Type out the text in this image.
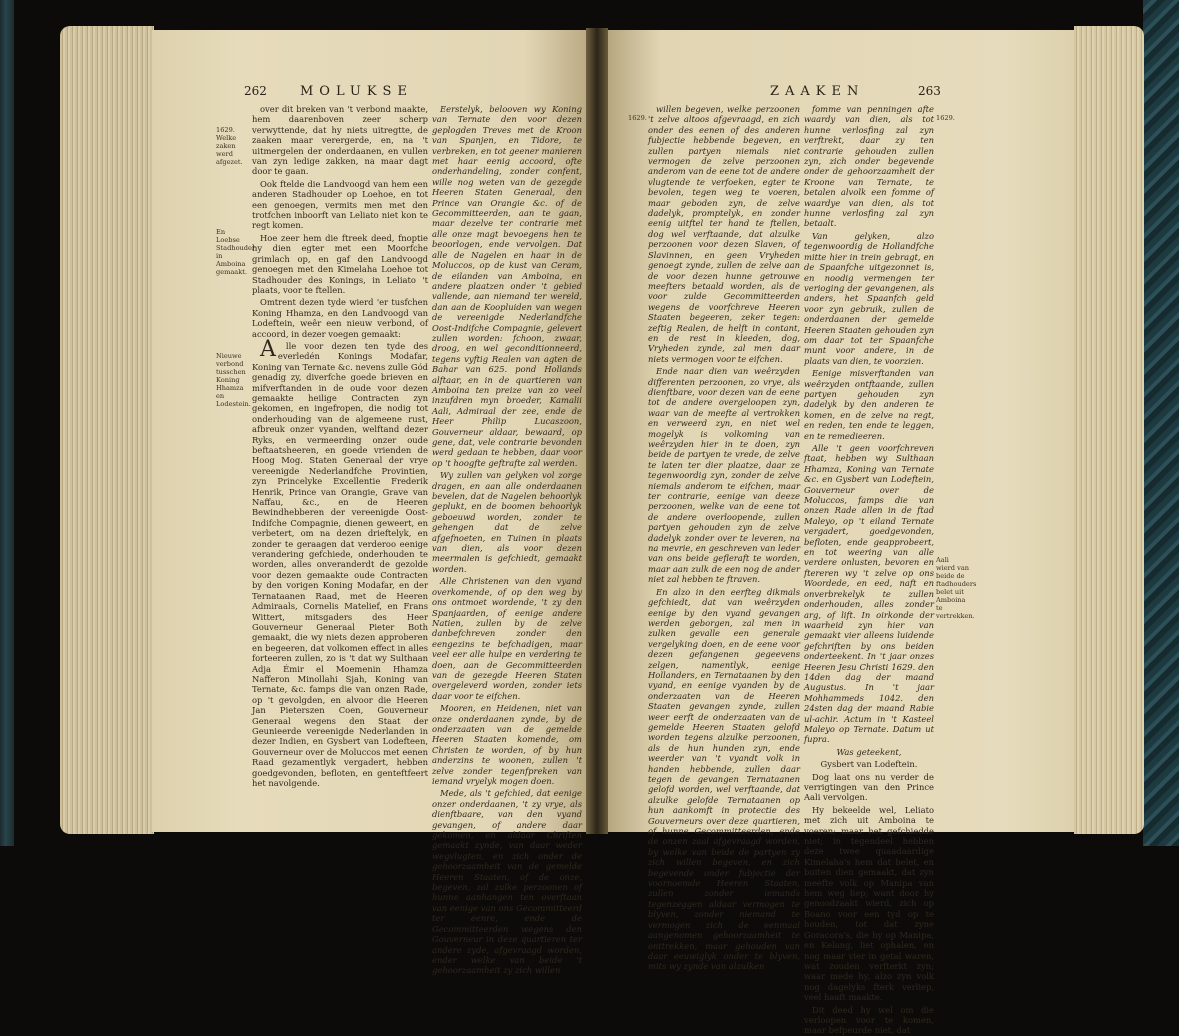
262	MOLUKSE	ZAAKEN	263
1629. Welke zaken werd afgezet.
En Loebse Stadhouder in Amboina gemaakt.
Nieuwe verbond tusschen Koning Hhamza en Lodestein.

over dit breken van 't verbond maakte, hem daarenboven zeer scherp verwyttende, dat hy niets uitregtte, de zaaken maar verergerde, en, na 't uitmergelen der onderdaanen, en vullen van zyn ledige zakken, na maar dagt door te gaan.

Ook ftelde die Landvoogd van hem een anderen Stadhouder op Loehoe, en tot een genoegen, vermits men met den trotfchen inboorft van Leliato niet kon te regt komen.

Hoe zeer hem die ftreek deed, fnoptie hy dien egter met een Moorfche grimlach op, en gaf den Landvoogd genoegen met den Kimelaha Loehoe tot Stadhouder des Konings, in Leliato 't plaats, voor te ftellen.

Omtrent dezen tyde wierd 'er tusfchen Koning Hhamza, en den Landvoogd van Lodeftein, weêr een nieuw verbond, of accoord, in dezer voegen gemaakt:

Alle voor dezen ten tyde des everledén Konings Modafar, Koning van Ternate &c. nevens zulle Gód genadig zy, diverfche goede brieven en mifverftanden in de oude voor dezen gemaakte heilige Contracten zyn gekomen, en ingefropen, die nodig tot onderhouding van de algemeene rust, afbreuk onzer vyanden, welftand dezer Ryks, en vermeerding onzer oude beftaatsheeren, en goede vrienden de Hoog Mog. Staten Generaal der vrye vereenigde Nederlandfche Provintien, zyn Princelyke Excellentie Frederik Henrik, Prince van Orangie, Grave van Naffau, &c., en de Heeren Bewindhebberen der vereenigde Oost-Indifche Compagnie, dienen geweert, en verbetert, om na dezen drieftelyk, en zonder te geraagen dat verderoo eenige verandering gefchiede, onderhouden te worden, alles onveranderdt de gezolde voor dezen gemaakte oude Contracten by den vorigen Koning Modafar, en der Ternataanen Raad, met de Heeren Admiraals, Cornelis Matelief, en Frans Wittert, mitsgaders des Heer Gouverneur Generaal Pieter Both gemaakt, die wy niets dezen approberen en begeeren, dat volkomen effect in alles forteeren zullen, zo is 't dat wy Sulthaan Adja Émir el Moemenin Hhamza Nafferon Minollahi Sjah, Koning van Ternate, &c. famps die van onzen Rade, op 't gevolgden, en alvoor die Heeren Jan Pieterszen Coen, Gouverneur Generaal wegens den Staat der Geunieerde vereenigde Nederlanden in dezer Indien, en Gysbert van Lodefteen, Gouverneur over de Moluccos met eenen Raad gezamentlyk vergadert, hebben goedgevonden, befloten, en genteftfeert het navolgende.

Eerstelyk, belooven wy Koning van Ternate den voor dezen geplogden Treves met de Kroon van Spanjen, en Tidore, te verbreken, en tot geener manieren met haar eenig accoord, ofte onderhandeling, zonder confent, wille nog weten van de gezegde Heeren Staten Generaal, den Prince van Orangie &c. of de Gecommitteerden, aan te gaan, maar dezelve ter contrarie met alle onze magt bevoegens hen te beoorlogen, ende vervolgen. Dat alle de Nagelen en haar in de Moluccos, op de kust van Ceram, de eilanden van Amboina, en andere plaatzen onder 't gebied vallende, aan niemand ter wereld, dan aan de Koopluiden van wegen de vereenigde Nederlandfche Oost-Indifche Compagnie, gelevert zullen worden: fchoon, zwaar, droog, en wel geconditionneerd, tegens vyftig Realen van agten de Bahar van 625. pond Hollands alftaar, en in de quartieren van Amboina ten preize van zo veel inzufdren myn broeder, Kamalii Aali, Admiraal der zee, ende de Heer Philip Lucaszoon, Gouverneur aldaar, bewaard, op gene, dat, vele contrarie bevonden werd gedaan te hebben, daar voor op 't hoogfte geftrafte zal werden.

Wy zullen van gelyken vol zorge dragen, en aan alle onderdaanen bevelen, dat de Nagelen behoorlyk geplukt, en de boomen behoorlyk geboeuwd worden, zonder te gehengen dat de zelve afgefnoeten, en Tuinen in plaats van dien, als voor dezen meermalen is gefchiedt, gemaakt worden.

Alle Christenen van den vyand overkomende, of op den weg by ons ontmoet wordende, 't zy den Spanjaarden, of eenige andere Natien, zullen by de zelve danbefchreven zonder den eengezins te befchadigen, maar veel eer alle hulpe en verdering te doen, aan de Gecommitteerden van de gezegde Heeren Staten overgeleverd worden, zonder iets daar voor te eifchen.

Mooren, en Heidenen, niet van onze onderdaanen zynde, by de onderzaaten van de gemelde Heeren Staaten komende, om Christen te worden, of by hun anderzins te woonen, zullen 't zelve zonder tegenfpreken van iemand vryelyk mogen doen.

Mede, als 't gefchied, dat eenige onzer onderdaanen, 't zy vrye, als dienftbaare, van den vyand gevangen, of andere daar gekomen, en aldaar Chriften gemaakt zynde, van daar weder wegvlugten, en zich onder de gehoorzaamheit van de gemelde Heeren Staaten, of de onze, begeven, zal zulke perzoonen of hunne aanhangen ten overftaan van eenige van ons Gecommitteerd ter eenre, ende de Gecommitteerden wegens den Gouverneur in deze quartieren ter andere zyde, afgevraagd worden, ender welke van beide 't gehoorzaamheit zy zich willen

1629.	1629.
Aali wierd van beide de ftadhouders belet uit Amboina te vertrekken.

willen begeven, welke perzoonen 't zelve altoos afgevraagd, en zich onder des eenen of des anderen fubjectie hebbende begeven, en zullen partyen niemals niet vermogen de zelve perzoonen anderom van de eene tot de andere vlugtende te verfoeken, egter te bevolen, tegen weg te voeren, maar geboden zyn, de zelve dadelyk, promptelyk, en zonder eenig uitftel ter hand te ftellen, dog wel verftaande, dat alzulke perzoonen voor dezen Slaven, of Slavinnen, en geen Vryheden genoegt zynde, zullen de zelve aan de voor dezen hunne getrouwe meefters betaald worden, als de voor zulde Gecommitteerden wegens de voorfchreve Heeren Staaten begeeren, zeker tegen: zeftig Realen, de helft in contant, en de rest in kleeden, dog, Vryheden zynde, zal men daar niets vermogen voor te eifchen.

Ende naar dien van weêrzyden differenten perzoonen, zo vrye, als dienftbare, voor dezen van de eene tot de andere overgeloopen zyn, waar van de meefte al vertrokken en verweerd zyn, en niet wel mogelyk is volkoming van weêrzyden hier in te doen, zyn beide de partyen te vrede, de zelve te laten ter dier plaatze, daar ze tegenwoordig zyn, zonder de zelve niemals anderom te eifchen, maar ter contrarie, eenige van deeze perzoonen, welke van de eene tot de andere overloopende, zullen partyen gehouden zyn de zelve dadelyk zonder over te leveren, na na mevrie, en geschreven van leder van ons beide gefleraft te worden, maar aan zulk de een nog de ander niet zal hebben te ftraven.

En alzo in den eerfteg dikmals gefchiedt, dat van weêrzyden eenige by den vyand gevangen werden geborgen, zal men in zulken gevalle een generale vergelyking doen, en de eene voor dezen gefangenen gegeevens zelgen, namentlyk, eenige Hollanders, en Ternataanen by den vyand, en eenige vyanden by de onderzaaten van de Heeren Staaten gevangen zynde, zullen weer eerft de onderzaaten van de gemelde Heeren Staaten gelofd worden tegens alzulke perzoonen, als de hun hunden zyn, ende weerder van 't vyandt volk in handen hebbende, zullen daar tegen de gevangen Ternataanen gelofd worden, wel verftaande, dat alzulke gelofde Ternataanen op hun aankomft in protectie des Gouverneurs over deze quartieren, of hunne Gecommitteerden, ende de onzen zaal afgevraagd worden, by welke van beide de partyen zy zich willen begeven, en zich begevende onder fubjectie der voornoemde Heeren Staaten, zullen zonder iemands tegenzeggen aldaar vermogen te blyven, zonder niemand te vermogen zich de eenmaal aangenomen gehoorzaamheit te onttrekken, maar gehouden van daar eeuwiglyk onder te blyven, mits wy zynde van alzulken

fomme van penningen afte waardy van dien, als tot hunne verlosfing zal zyn verftrekt, daar zy ten contrarie gehouden zullen zyn, zich onder begevende onder de gehoorzaamheit der Kroone van Ternate, te betalen alvolk een fomme of waardye van dien, als tot hunne verlosfing zal zyn betaalt.

Van gelyken, alzo tegenwoordig de Hollandfche mitte hier in trein gebragt, en de Spaanfche uitgezonnet is, en noodig vermengen ter verioging der gevangenen, als anders, het Spaanfch geld voor zyn gebruik, zullen de onderdaanen der gemelde Heeren Staaten gehouden zyn om daar tot ter Spaanfche munt voor andere, in de plaats van dien, te voorzien.

Eenige misverftanden van weêrzyden ontftaande, zullen partyen gehouden zyn dadelyk by den anderen te komen, en de zelve na regt, en reden, ten ende te leggen, en te remedieeren.

Alle 't geen voorfchreven ftaat, hebben wy Sulthaan Hhamza, Koning van Ternate &c. en Gysbert van Lodeftein, Gouverneur over de Moluccos, famps die van onzen Rade allen in de ftad Maleyo, op 't eiland Ternate vergadert, goedgevonden, befloten, ende geapprobeert, en tot weering van alle verdere onlusten, bevoren en ftereren wy 't zelve op ons Woordede, en eed, naft en onverbrekelyk te zullen onderhouden, alles zonder arg, of lift. In oirkonde der waarheid zyn hier van gemaakt vier alleens luidende gefchriften by ons beiden onderteekent. In 't jaar onzes Heeren Jesu Christi 1629. den 14den dag der maand Augustus. In 't jaar Mohhammeds 1042. den 24sten dag der maand Rabie ul-achir. Actum in 't Kasteel Maleyo op Ternate. Datum ut fupra.

Was geteekent,

Gysbert van Lodeftein.

Dog laat ons nu verder de verrigtingen van den Prince Aali vervolgen.

Hy bekeelde wel, Leliato met zich uit Amboina te voeren: maar het gefchiedde niet; in tegendeel hebben deze twee quaadaardige Kimelaha's hem dat belet, en buiten dien gemaakt, dat zyn meefte volk op Manipa van hem weg liep; want door hy genoodzaakt wierd, zich op Boano voor een tyd op te houden, tot dat zyne Goracora's, die hy op Manipa, en Kelang, liet ophalen, en nog maar vier in getal waren, wat zouden verfterkt zyn; waar mede hy, alzo zyn volk nog dagelyks fterk verliep, veel haaft maakte.

Dit deed hy wel om die verloopen voor te komen, maar befpeurde niet, dat
